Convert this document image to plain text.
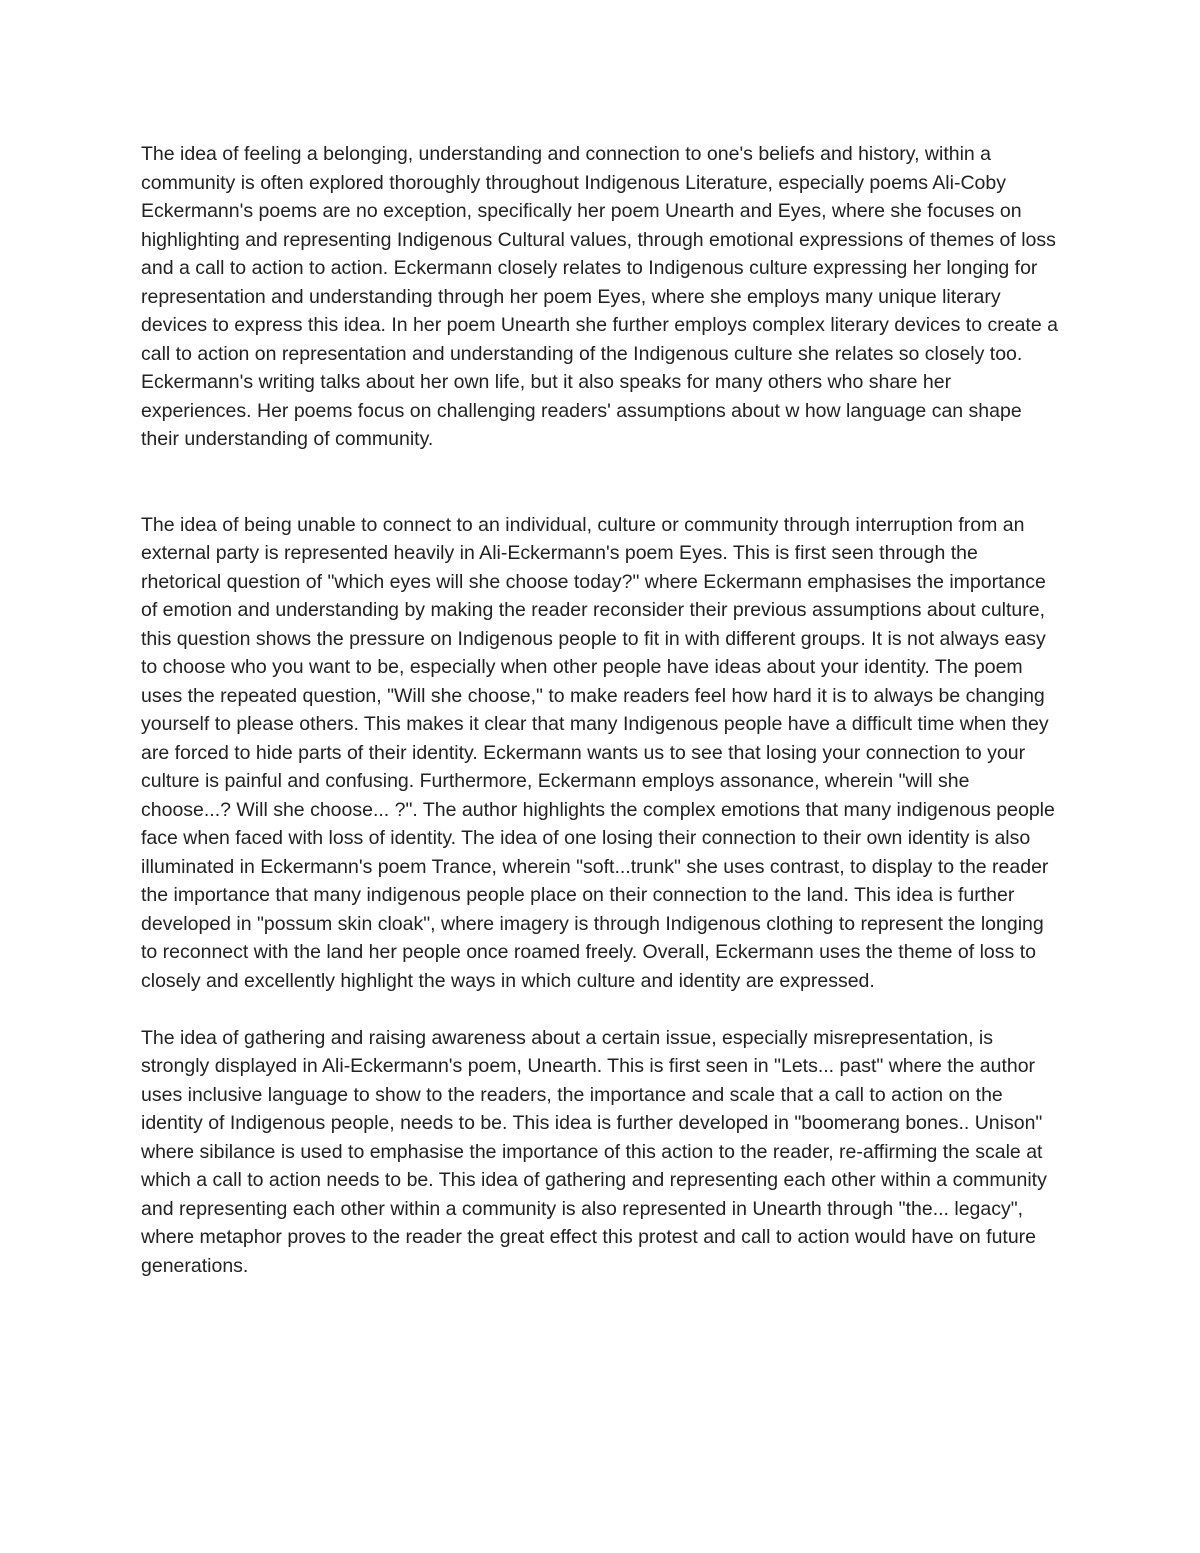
The idea of feeling a belonging, understanding and connection to one's beliefs and history, within a community is often explored thoroughly throughout Indigenous Literature, especially poems Ali-Coby Eckermann's poems are no exception, specifically her poem Unearth and Eyes, where she focuses on highlighting and representing Indigenous Cultural values, through emotional expressions of themes of loss and a call to action to action. Eckermann closely relates to Indigenous culture expressing her longing for representation and understanding through her poem Eyes, where she employs many unique literary devices to express this idea. In her poem Unearth she further employs complex literary devices to create a call to action on representation and understanding of the Indigenous culture she relates so closely too. Eckermann's writing talks about her own life, but it also speaks for many others who share her experiences. Her poems focus on challenging readers' assumptions about w how language can shape their understanding of community.

The idea of being unable to connect to an individual, culture or community through interruption from an external party is represented heavily in Ali-Eckermann's poem Eyes. This is first seen through the rhetorical question of "which eyes will she choose today?" where Eckermann emphasises the importance of emotion and understanding by making the reader reconsider their previous assumptions about culture, this question shows the pressure on Indigenous people to fit in with different groups. It is not always easy to choose who you want to be, especially when other people have ideas about your identity. The poem uses the repeated question, "Will she choose," to make readers feel how hard it is to always be changing yourself to please others. This makes it clear that many Indigenous people have a difficult time when they are forced to hide parts of their identity. Eckermann wants us to see that losing your connection to your culture is painful and confusing. Furthermore, Eckermann employs assonance, wherein "will she choose...? Will she choose... ?". The author highlights the complex emotions that many indigenous people face when faced with loss of identity. The idea of one losing their connection to their own identity is also illuminated in Eckermann's poem Trance, wherein "soft...trunk" she uses contrast, to display to the reader the importance that many indigenous people place on their connection to the land. This idea is further developed in "possum skin cloak", where imagery is through Indigenous clothing to represent the longing to reconnect with the land her people once roamed freely. Overall, Eckermann uses the theme of loss to closely and excellently highlight the ways in which culture and identity are expressed.

The idea of gathering and raising awareness about a certain issue, especially misrepresentation, is strongly displayed in Ali-Eckermann's poem, Unearth. This is first seen in "Lets... past" where the author uses inclusive language to show to the readers, the importance and scale that a call to action on the identity of Indigenous people, needs to be. This idea is further developed in "boomerang bones.. Unison" where sibilance is used to emphasise the importance of this action to the reader, re-affirming the scale at which a call to action needs to be. This idea of gathering and representing each other within a community and representing each other within a community is also represented in Unearth through "the... legacy", where metaphor proves to the reader the great effect this protest and call to action would have on future generations.
